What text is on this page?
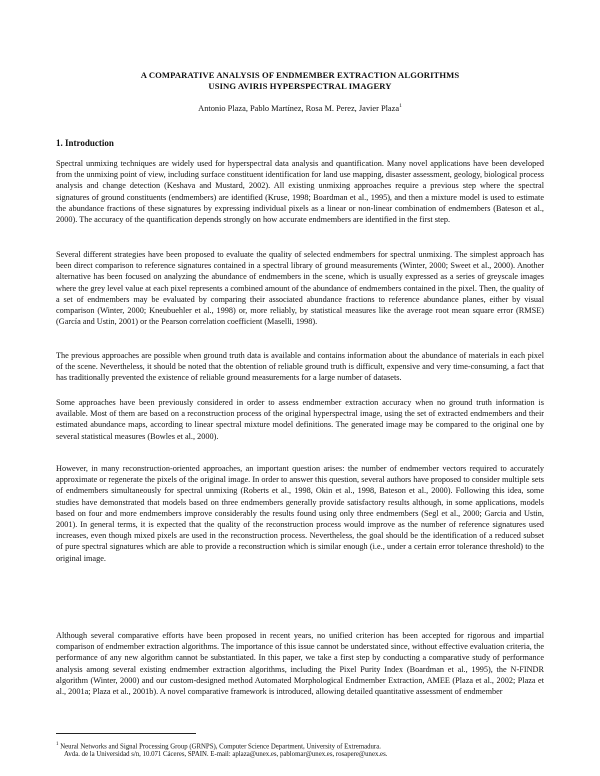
A COMPARATIVE ANALYSIS OF ENDMEMBER EXTRACTION ALGORITHMS
USING AVIRIS HYPERSPECTRAL IMAGERY
Antonio Plaza, Pablo Martínez, Rosa M. Perez, Javier Plaza$^1$
1. Introduction

Spectral unmixing techniques are widely used for hyperspectral data analysis and quantification. Many novel applications have been developed from the unmixing point of view, including surface constituent identification for land use mapping, disaster assessment, geology, biological process analysis and change detection (Keshava and Mustard, 2002). All existing unmixing approaches require a previous step where the spectral signatures of ground constituents (endmembers) are identified (Kruse, 1998; Boardman et al., 1995), and then a mixture model is used to estimate the abundance fractions of these signatures by expressing individual pixels as a linear or non-linear combination of endmembers (Bateson et al., 2000). The accuracy of the quantification depends strongly on how accurate endmembers are identified in the first step.

Several different strategies have been proposed to evaluate the quality of selected endmembers for spectral unmixing. The simplest approach has been direct comparison to reference signatures contained in a spectral library of ground measurements (Winter, 2000; Sweet et al., 2000). Another alternative has been focused on analyzing the abundance of endmembers in the scene, which is usually expressed as a series of greyscale images where the grey level value at each pixel represents a combined amount of the abundance of endmembers contained in the pixel. Then, the quality of a set of endmembers may be evaluated by comparing their associated abundance fractions to reference abundance planes, either by visual comparison (Winter, 2000; Kneubuehler et al., 1998) or, more reliably, by statistical measures like the average root mean square error (RMSE) (García and Ustin, 2001) or the Pearson correlation coefficient (Maselli, 1998).

The previous approaches are possible when ground truth data is available and contains information about the abundance of materials in each pixel of the scene. Nevertheless, it should be noted that the obtention of reliable ground truth is difficult, expensive and very time-consuming, a fact that has traditionally prevented the existence of reliable ground measurements for a large number of datasets.

Some approaches have been previously considered in order to assess endmember extraction accuracy when no ground truth information is available. Most of them are based on a reconstruction process of the original hyperspectral image, using the set of extracted endmembers and their estimated abundance maps, according to linear spectral mixture model definitions. The generated image may be compared to the original one by several statistical measures (Bowles et al., 2000).

However, in many reconstruction-oriented approaches, an important question arises: the number of endmember vectors required to accurately approximate or regenerate the pixels of the original image. In order to answer this question, several authors have proposed to consider multiple sets of endmembers simultaneously for spectral unmixing (Roberts et al., 1998, Okin et al., 1998, Bateson et al., 2000). Following this idea, some studies have demonstrated that models based on three endmembers generally provide satisfactory results although, in some applications, models based on four and more endmembers improve considerably the results found using only three endmembers (Segl et al., 2000; Garcia and Ustin, 2001). In general terms, it is expected that the quality of the reconstruction process would improve as the number of reference signatures used increases, even though mixed pixels are used in the reconstruction process. Nevertheless, the goal should be the identification of a reduced subset of pure spectral signatures which are able to provide a reconstruction which is similar enough (i.e., under a certain error tolerance threshold) to the original image.

Although several comparative efforts have been proposed in recent years, no unified criterion has been accepted for rigorous and impartial comparison of endmember extraction algorithms. The importance of this issue cannot be understated since, without effective evaluation criteria, the performance of any new algorithm cannot be substantiated. In this paper, we take a first step by conducting a comparative study of performance analysis among several existing endmember extraction algorithms, including the Pixel Purity Index (Boardman et al., 1995), the N-FINDR algorithm (Winter, 2000) and our custom-designed method Automated Morphological Endmember Extraction, AMEE (Plaza et al., 2002; Plaza et al., 2001a; Plaza et al., 2001b). A novel comparative framework is introduced, allowing detailed quantitative assessment of endmember

$^1$ Neural Networks and Signal Processing Group (GRNPS), Computer Science Department, University of Extremadura.

Avda. de la Universidad s/n, 10.071 Cáceres, SPAIN. E-mail: aplaza@unex.es, pablomar@unex.es, rosapere@unex.es.
